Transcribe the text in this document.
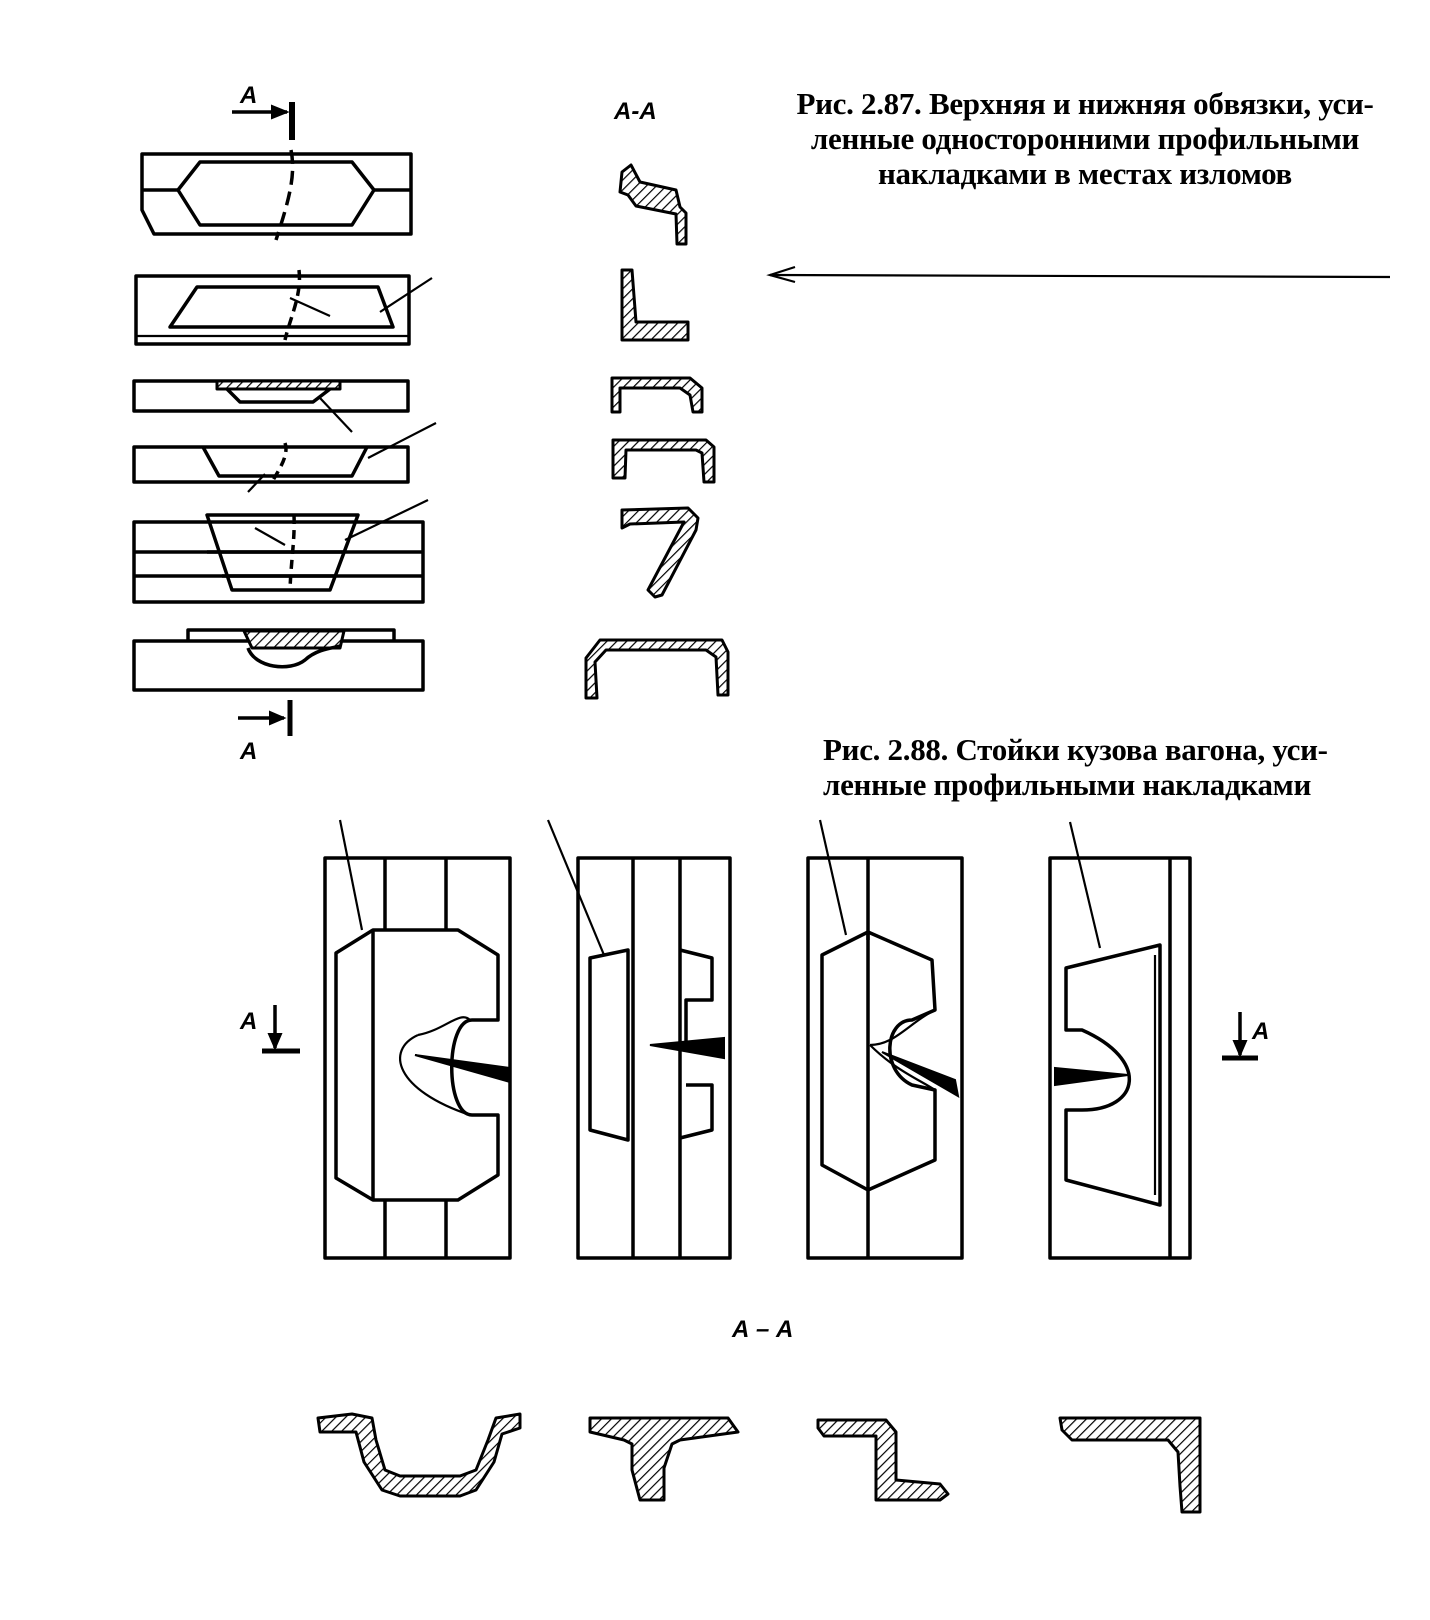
Рис. 2.87. Верхняя и нижняя обвязки, уси-
ленные односторонними профильными
накладками в местах изломов
Рис. 2.88. Стойки кузова вагона, уси-
ленные профильными накладками
А
А-А
А
А	А
А – А
